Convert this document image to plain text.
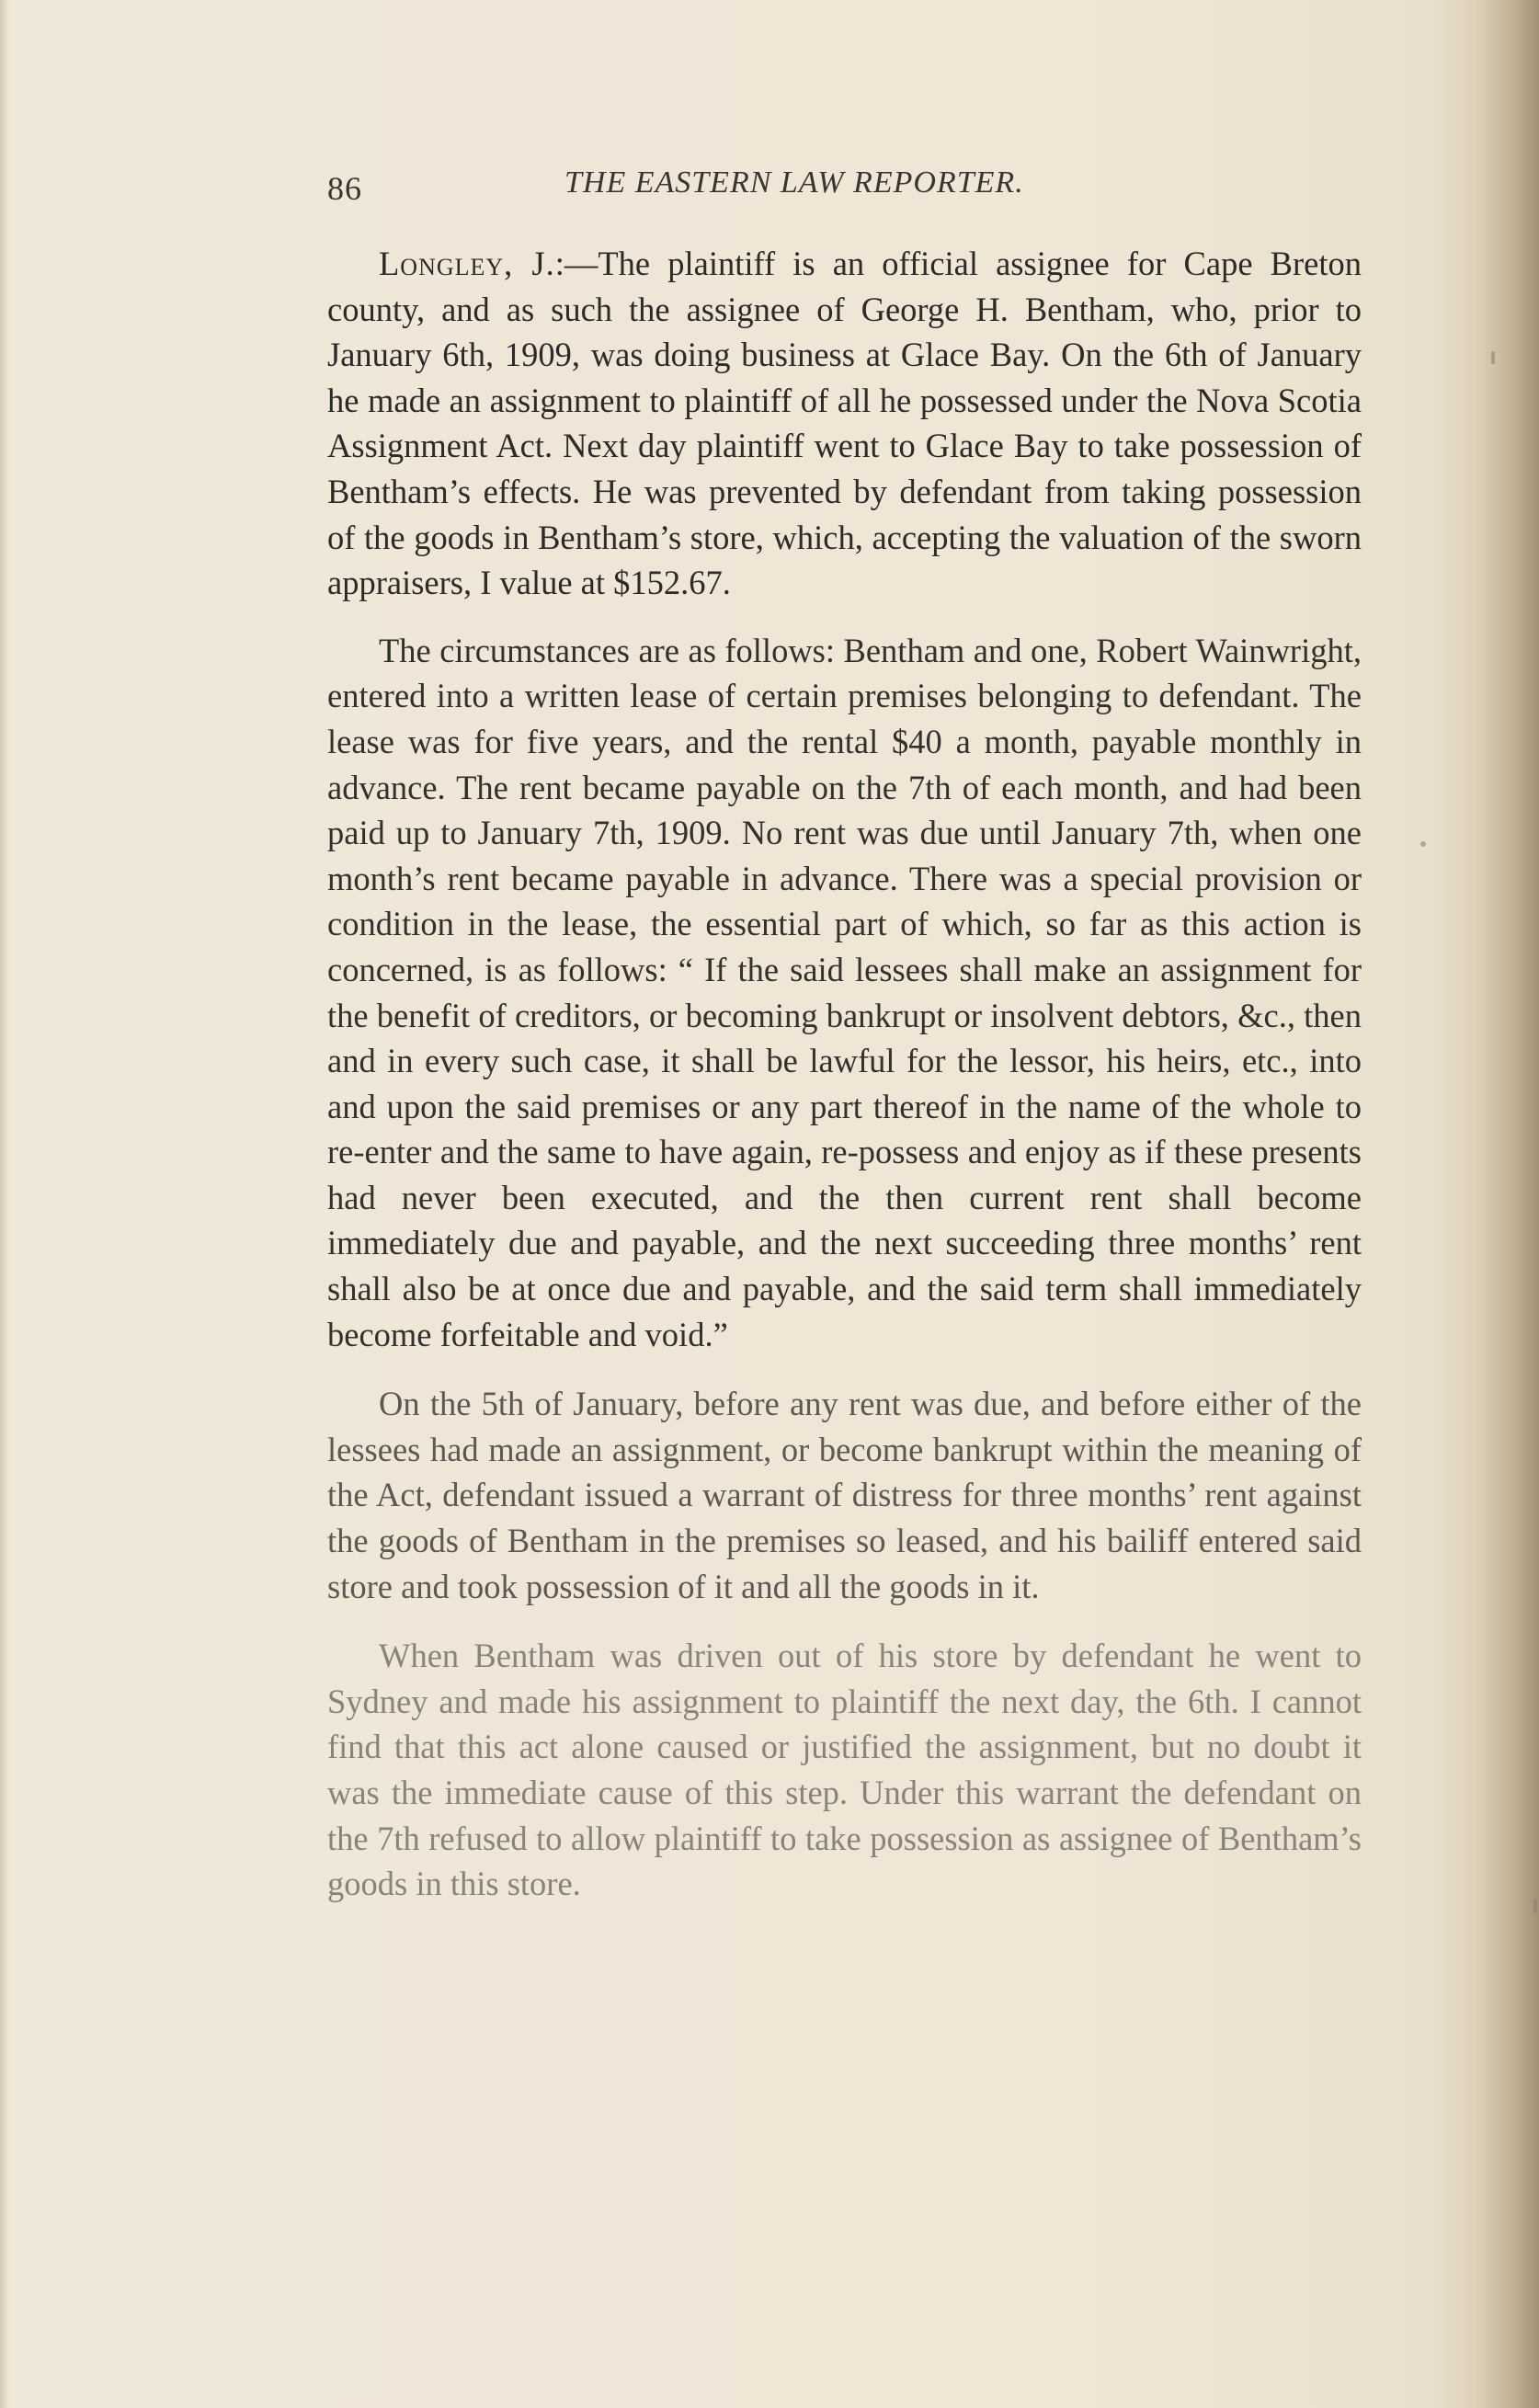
86	THE EASTERN LAW REPORTER.

Longley, J.:—The plaintiff is an official assignee for Cape Breton county, and as such the assignee of George H. Bentham, who, prior to January 6th, 1909, was doing business at Glace Bay. On the 6th of January he made an assignment to plaintiff of all he possessed under the Nova Scotia Assignment Act. Next day plaintiff went to Glace Bay to take possession of Bentham’s effects. He was prevented by defendant from taking possession of the goods in Bentham’s store, which, accepting the valuation of the sworn appraisers, I value at $152.67.

The circumstances are as follows: Bentham and one, Robert Wainwright, entered into a written lease of certain premises belonging to defendant. The lease was for five years, and the rental $40 a month, payable monthly in advance. The rent became payable on the 7th of each month, and had been paid up to January 7th, 1909. No rent was due until January 7th, when one month’s rent became payable in advance. There was a special provision or condition in the lease, the essential part of which, so far as this action is concerned, is as follows: “ If the said lessees shall make an assignment for the benefit of creditors, or becoming bankrupt or insolvent debtors, &c., then and in every such case, it shall be lawful for the lessor, his heirs, etc., into and upon the said premises or any part thereof in the name of the whole to re-enter and the same to have again, re-possess and enjoy as if these presents had never been executed, and the then current rent shall become immediately due and payable, and the next succeeding three months’ rent shall also be at once due and payable, and the said term shall immediately become forfeitable and void.”

On the 5th of January, before any rent was due, and before either of the lessees had made an assignment, or become bankrupt within the meaning of the Act, defendant issued a warrant of distress for three months’ rent against the goods of Bentham in the premises so leased, and his bailiff entered said store and took possession of it and all the goods in it.

When Bentham was driven out of his store by defendant he went to Sydney and made his assignment to plaintiff the next day, the 6th. I cannot find that this act alone caused or justified the assignment, but no doubt it was the immediate cause of this step. Under this warrant the defendant on the 7th refused to allow plaintiff to take possession as assignee of Bentham’s goods in this store.
